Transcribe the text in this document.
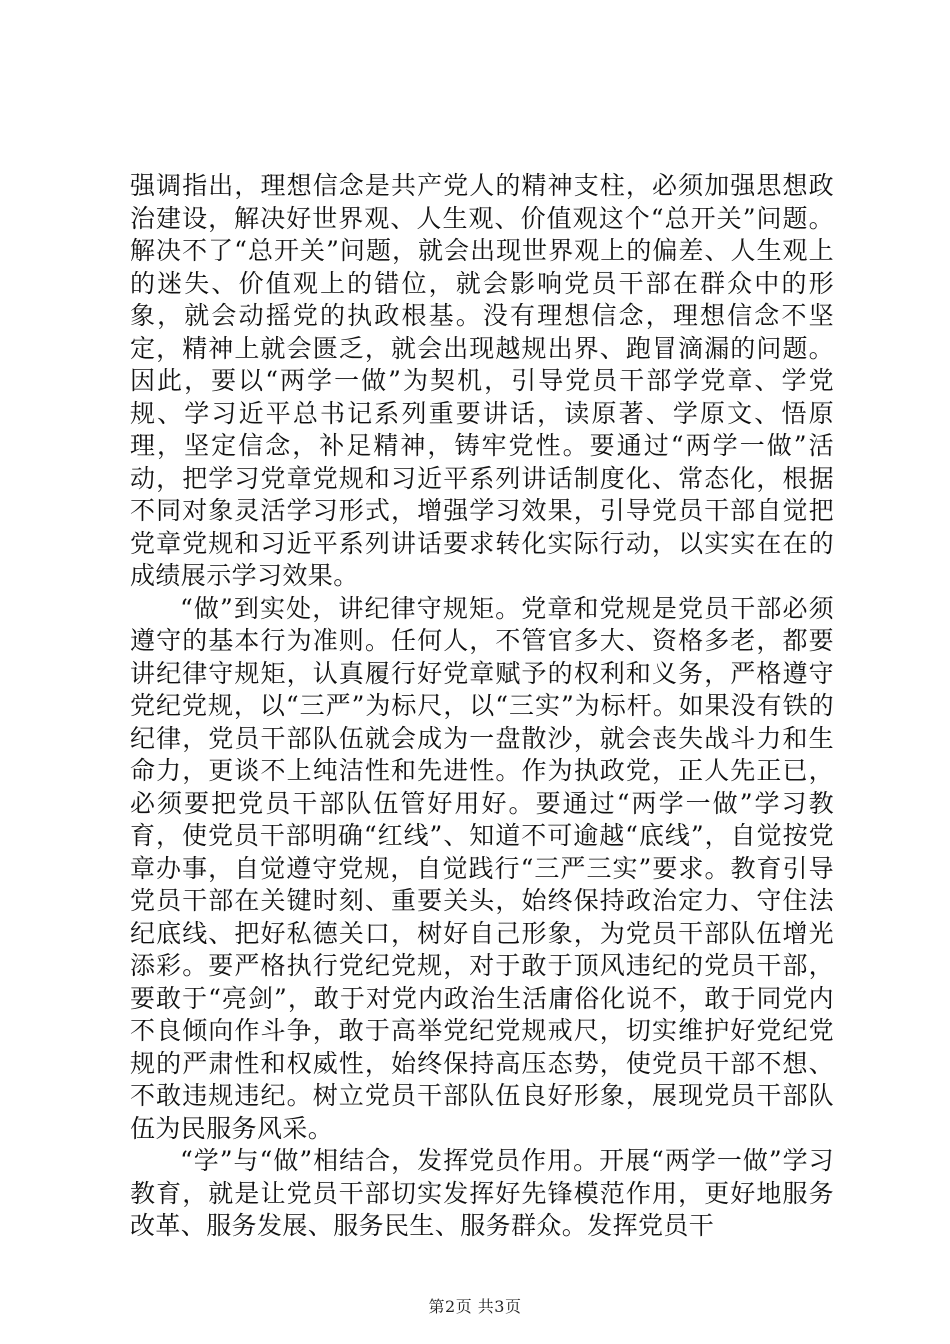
强调指出，理想信念是共产党人的精神支柱，必须加强思想政治建设，解决好世界观、人生观、价值观这个“总开关”问题。解决不了“总开关”问题，就会出现世界观上的偏差、人生观上的迷失、价值观上的错位，就会影响党员干部在群众中的形象，就会动摇党的执政根基。没有理想信念，理想信念不坚定，精神上就会匮乏，就会出现越规出界、跑冒滴漏的问题。因此，要以“两学一做”为契机，引导党员干部学党章、学党规、学习近平总书记系列重要讲话，读原著、学原文、悟原理，坚定信念，补足精神，铸牢党性。要通过“两学一做”活动，把学习党章党规和习近平系列讲话制度化、常态化，根据不同对象灵活学习形式，增强学习效果，引导党员干部自觉把党章党规和习近平系列讲话要求转化实际行动，以实实在在的成绩展示学习效果。

“做”到实处，讲纪律守规矩。党章和党规是党员干部必须遵守的基本行为准则。任何人，不管官多大、资格多老，都要讲纪律守规矩，认真履行好党章赋予的权利和义务，严格遵守党纪党规，以“三严”为标尺，以“三实”为标杆。如果没有铁的纪律，党员干部队伍就会成为一盘散沙，就会丧失战斗力和生命力，更谈不上纯洁性和先进性。作为执政党，正人先正已，必须要把党员干部队伍管好用好。要通过“两学一做”学习教育，使党员干部明确“红线”、知道不可逾越“底线”，自觉按党章办事，自觉遵守党规，自觉践行“三严三实”要求。教育引导党员干部在关键时刻、重要关头，始终保持政治定力、守住法纪底线、把好私德关口，树好自己形象，为党员干部队伍增光添彩。要严格执行党纪党规，对于敢于顶风违纪的党员干部，要敢于“亮剑”，敢于对党内政治生活庸俗化说不，敢于同党内不良倾向作斗争，敢于高举党纪党规戒尺，切实维护好党纪党规的严肃性和权威性，始终保持高压态势，使党员干部不想、不敢违规违纪。树立党员干部队伍良好形象，展现党员干部队伍为民服务风采。

“学”与“做”相结合，发挥党员作用。开展“两学一做”学习教育，就是让党员干部切实发挥好先锋模范作用，更好地服务改革、服务发展、服务民生、服务群众。发挥党员干

第2页 共3页
